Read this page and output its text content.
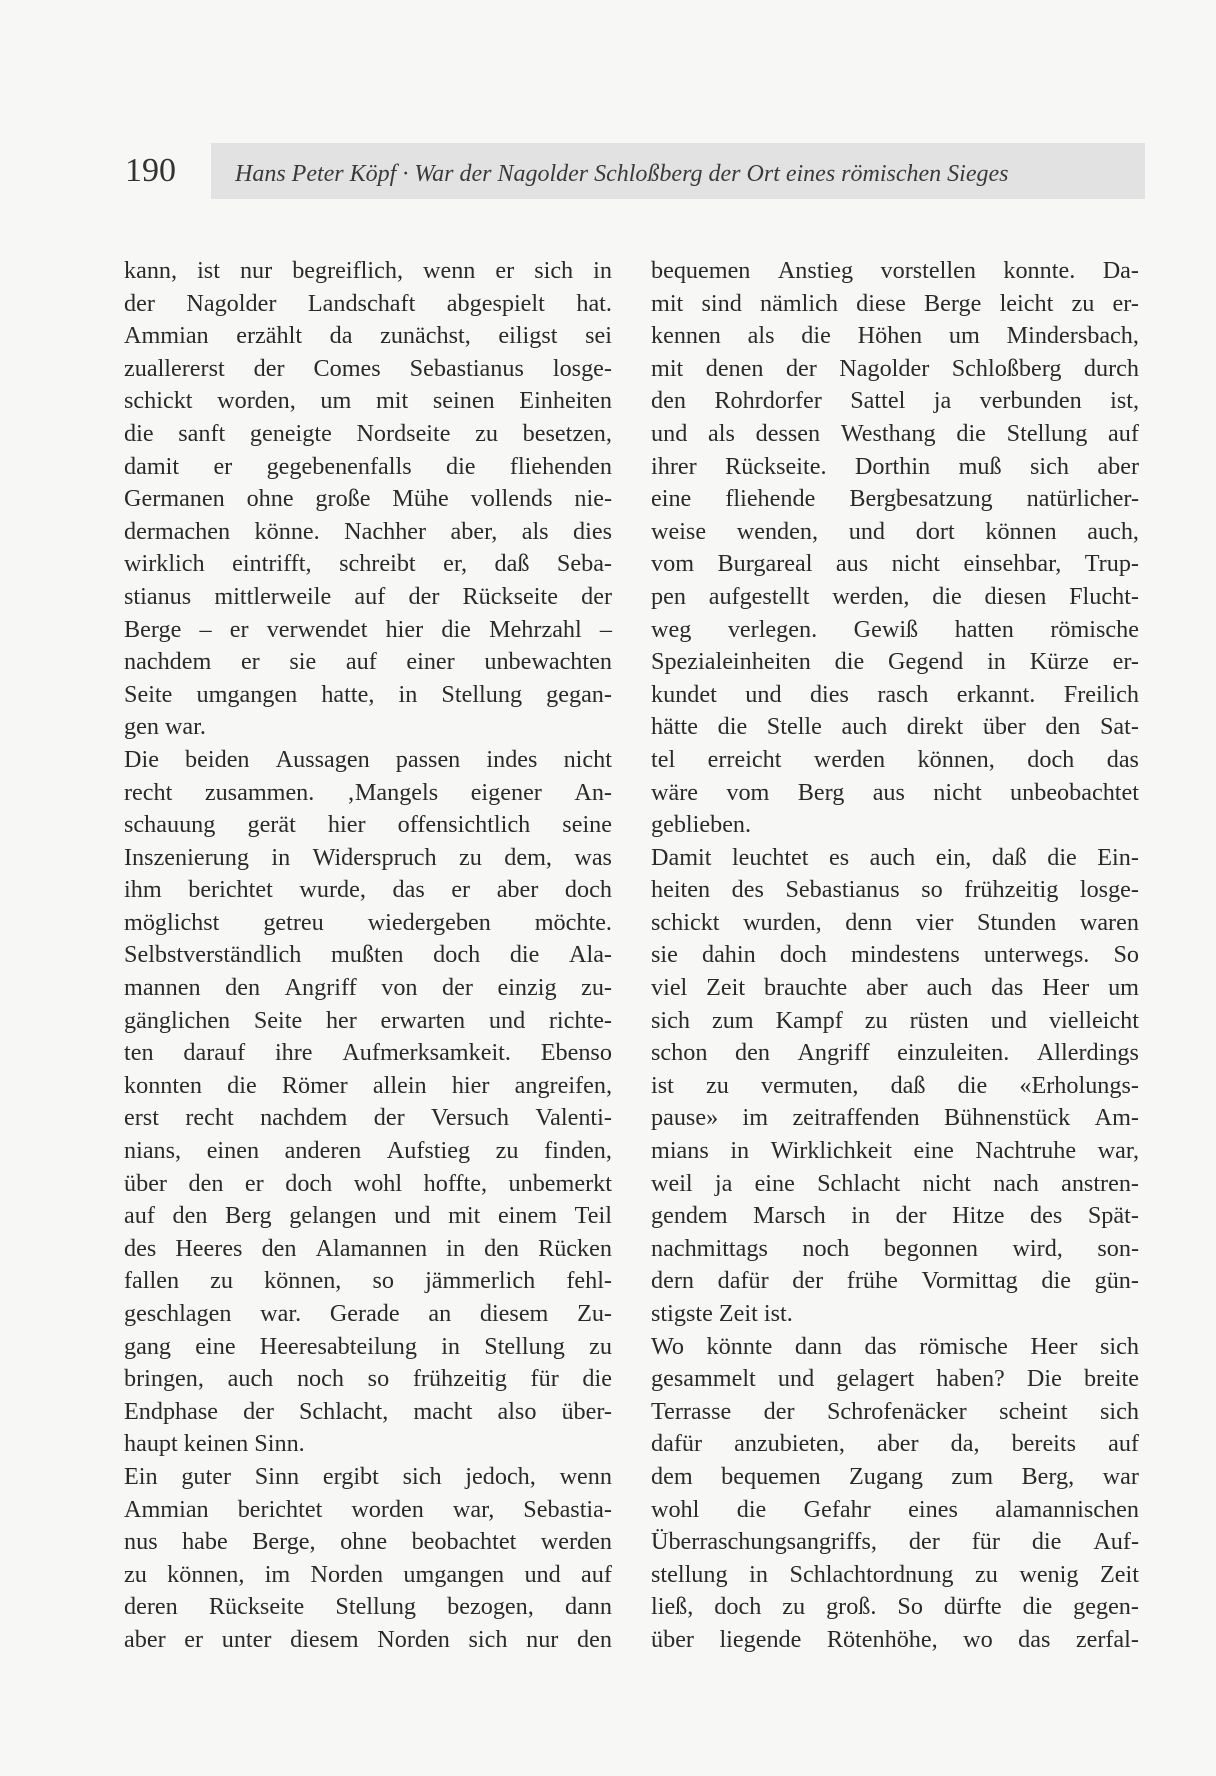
190	Hans Peter Köpf · War der Nagolder Schloßberg der Ort eines römischen Sieges
kann, ist nur begreiflich, wenn er sich in
der Nagolder Landschaft abgespielt hat.
Ammian erzählt da zunächst, eiligst sei
zuallererst der Comes Sebastianus losge-
schickt worden, um mit seinen Einheiten
die sanft geneigte Nordseite zu besetzen,
damit er gegebenenfalls die fliehenden
Germanen ohne große Mühe vollends nie-
dermachen könne. Nachher aber, als dies
wirklich eintrifft, schreibt er, daß Seba-
stianus mittlerweile auf der Rückseite der
Berge – er verwendet hier die Mehrzahl –
nachdem er sie auf einer unbewachten
Seite umgangen hatte, in Stellung gegan-
gen war.
Die beiden Aussagen passen indes nicht
recht zusammen. ‚Mangels eigener An-
schauung gerät hier offensichtlich seine
Inszenierung in Widerspruch zu dem, was
ihm berichtet wurde, das er aber doch
möglichst getreu wiedergeben möchte.
Selbstverständlich mußten doch die Ala-
mannen den Angriff von der einzig zu-
gänglichen Seite her erwarten und richte-
ten darauf ihre Aufmerksamkeit. Ebenso
konnten die Römer allein hier angreifen,
erst recht nachdem der Versuch Valenti-
nians, einen anderen Aufstieg zu finden,
über den er doch wohl hoffte, unbemerkt
auf den Berg gelangen und mit einem Teil
des Heeres den Alamannen in den Rücken
fallen zu können, so jämmerlich fehl-
geschlagen war. Gerade an diesem Zu-
gang eine Heeresabteilung in Stellung zu
bringen, auch noch so frühzeitig für die
Endphase der Schlacht, macht also über-
haupt keinen Sinn.
Ein guter Sinn ergibt sich jedoch, wenn
Ammian berichtet worden war, Sebastia-
nus habe Berge, ohne beobachtet werden
zu können, im Norden umgangen und auf
deren Rückseite Stellung bezogen, dann
aber er unter diesem Norden sich nur den
bequemen Anstieg vorstellen konnte. Da-
mit sind nämlich diese Berge leicht zu er-
kennen als die Höhen um Mindersbach,
mit denen der Nagolder Schloßberg durch
den Rohrdorfer Sattel ja verbunden ist,
und als dessen Westhang die Stellung auf
ihrer Rückseite. Dorthin muß sich aber
eine fliehende Bergbesatzung natürlicher-
weise wenden, und dort können auch,
vom Burgareal aus nicht einsehbar, Trup-
pen aufgestellt werden, die diesen Flucht-
weg verlegen. Gewiß hatten römische
Spezialeinheiten die Gegend in Kürze er-
kundet und dies rasch erkannt. Freilich
hätte die Stelle auch direkt über den Sat-
tel erreicht werden können, doch das
wäre vom Berg aus nicht unbeobachtet
geblieben.
Damit leuchtet es auch ein, daß die Ein-
heiten des Sebastianus so frühzeitig losge-
schickt wurden, denn vier Stunden waren
sie dahin doch mindestens unterwegs. So
viel Zeit brauchte aber auch das Heer um
sich zum Kampf zu rüsten und vielleicht
schon den Angriff einzuleiten. Allerdings
ist zu vermuten, daß die «Erholungs-
pause» im zeitraffenden Bühnenstück Am-
mians in Wirklichkeit eine Nachtruhe war,
weil ja eine Schlacht nicht nach anstren-
gendem Marsch in der Hitze des Spät-
nachmittags noch begonnen wird, son-
dern dafür der frühe Vormittag die gün-
stigste Zeit ist.
Wo könnte dann das römische Heer sich
gesammelt und gelagert haben? Die breite
Terrasse der Schrofenäcker scheint sich
dafür anzubieten, aber da, bereits auf
dem bequemen Zugang zum Berg, war
wohl die Gefahr eines alamannischen
Überraschungsangriffs, der für die Auf-
stellung in Schlachtordnung zu wenig Zeit
ließ, doch zu groß. So dürfte die gegen-
über liegende Rötenhöhe, wo das zerfal-
